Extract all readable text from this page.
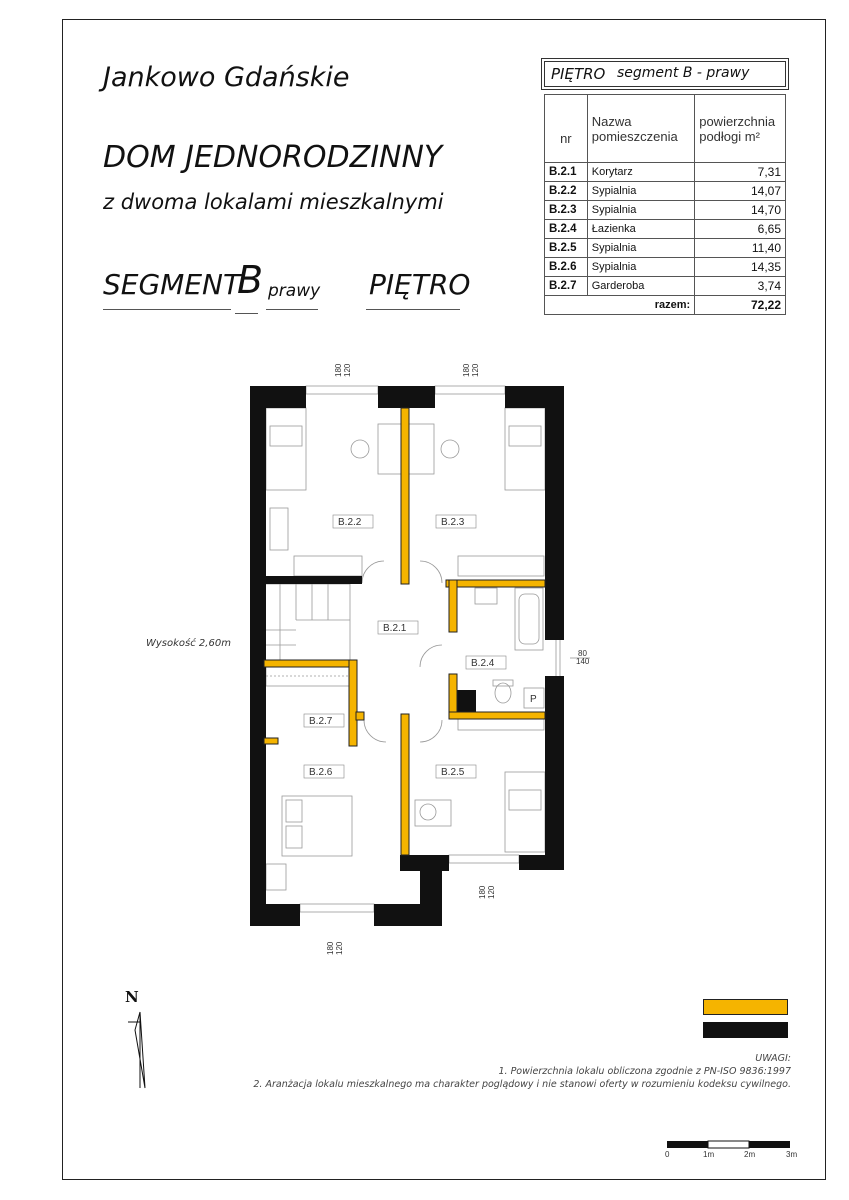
Jankowo Gdańskie
DOM JEDNORODZINNY
z dwoma lokalami mieszkalnymi
SEGMENT
B prawy PIĘTRO
PIĘTRO segment B - prawy
nr	Nazwa pomieszczenia	powierzchnia podłogi m²
B.2.1	Korytarz	7,31
B.2.2	Sypialnia	14,07
B.2.3	Sypialnia	14,70
B.2.4	Łazienka	6,65
B.2.5	Sypialnia	11,40
B.2.6	Sypialnia	14,35
B.2.7	Garderoba	3,74
	razem:	72,22
B.2.2	B.2.3
B.2.1
B.2.4
B.2.7
B.2.6	B.2.5
P
180 120	180 120
80
140
180 120
180 120
N
Wysokość 2,60m
UWAGI:
1. Powierzchnia lokalu obliczona zgodnie z PN-ISO 9836:1997
2. Aranżacja lokalu mieszkalnego ma charakter poglądowy i nie stanowi oferty w rozumieniu kodeksu cywilnego.
0	1m	2m	3m
